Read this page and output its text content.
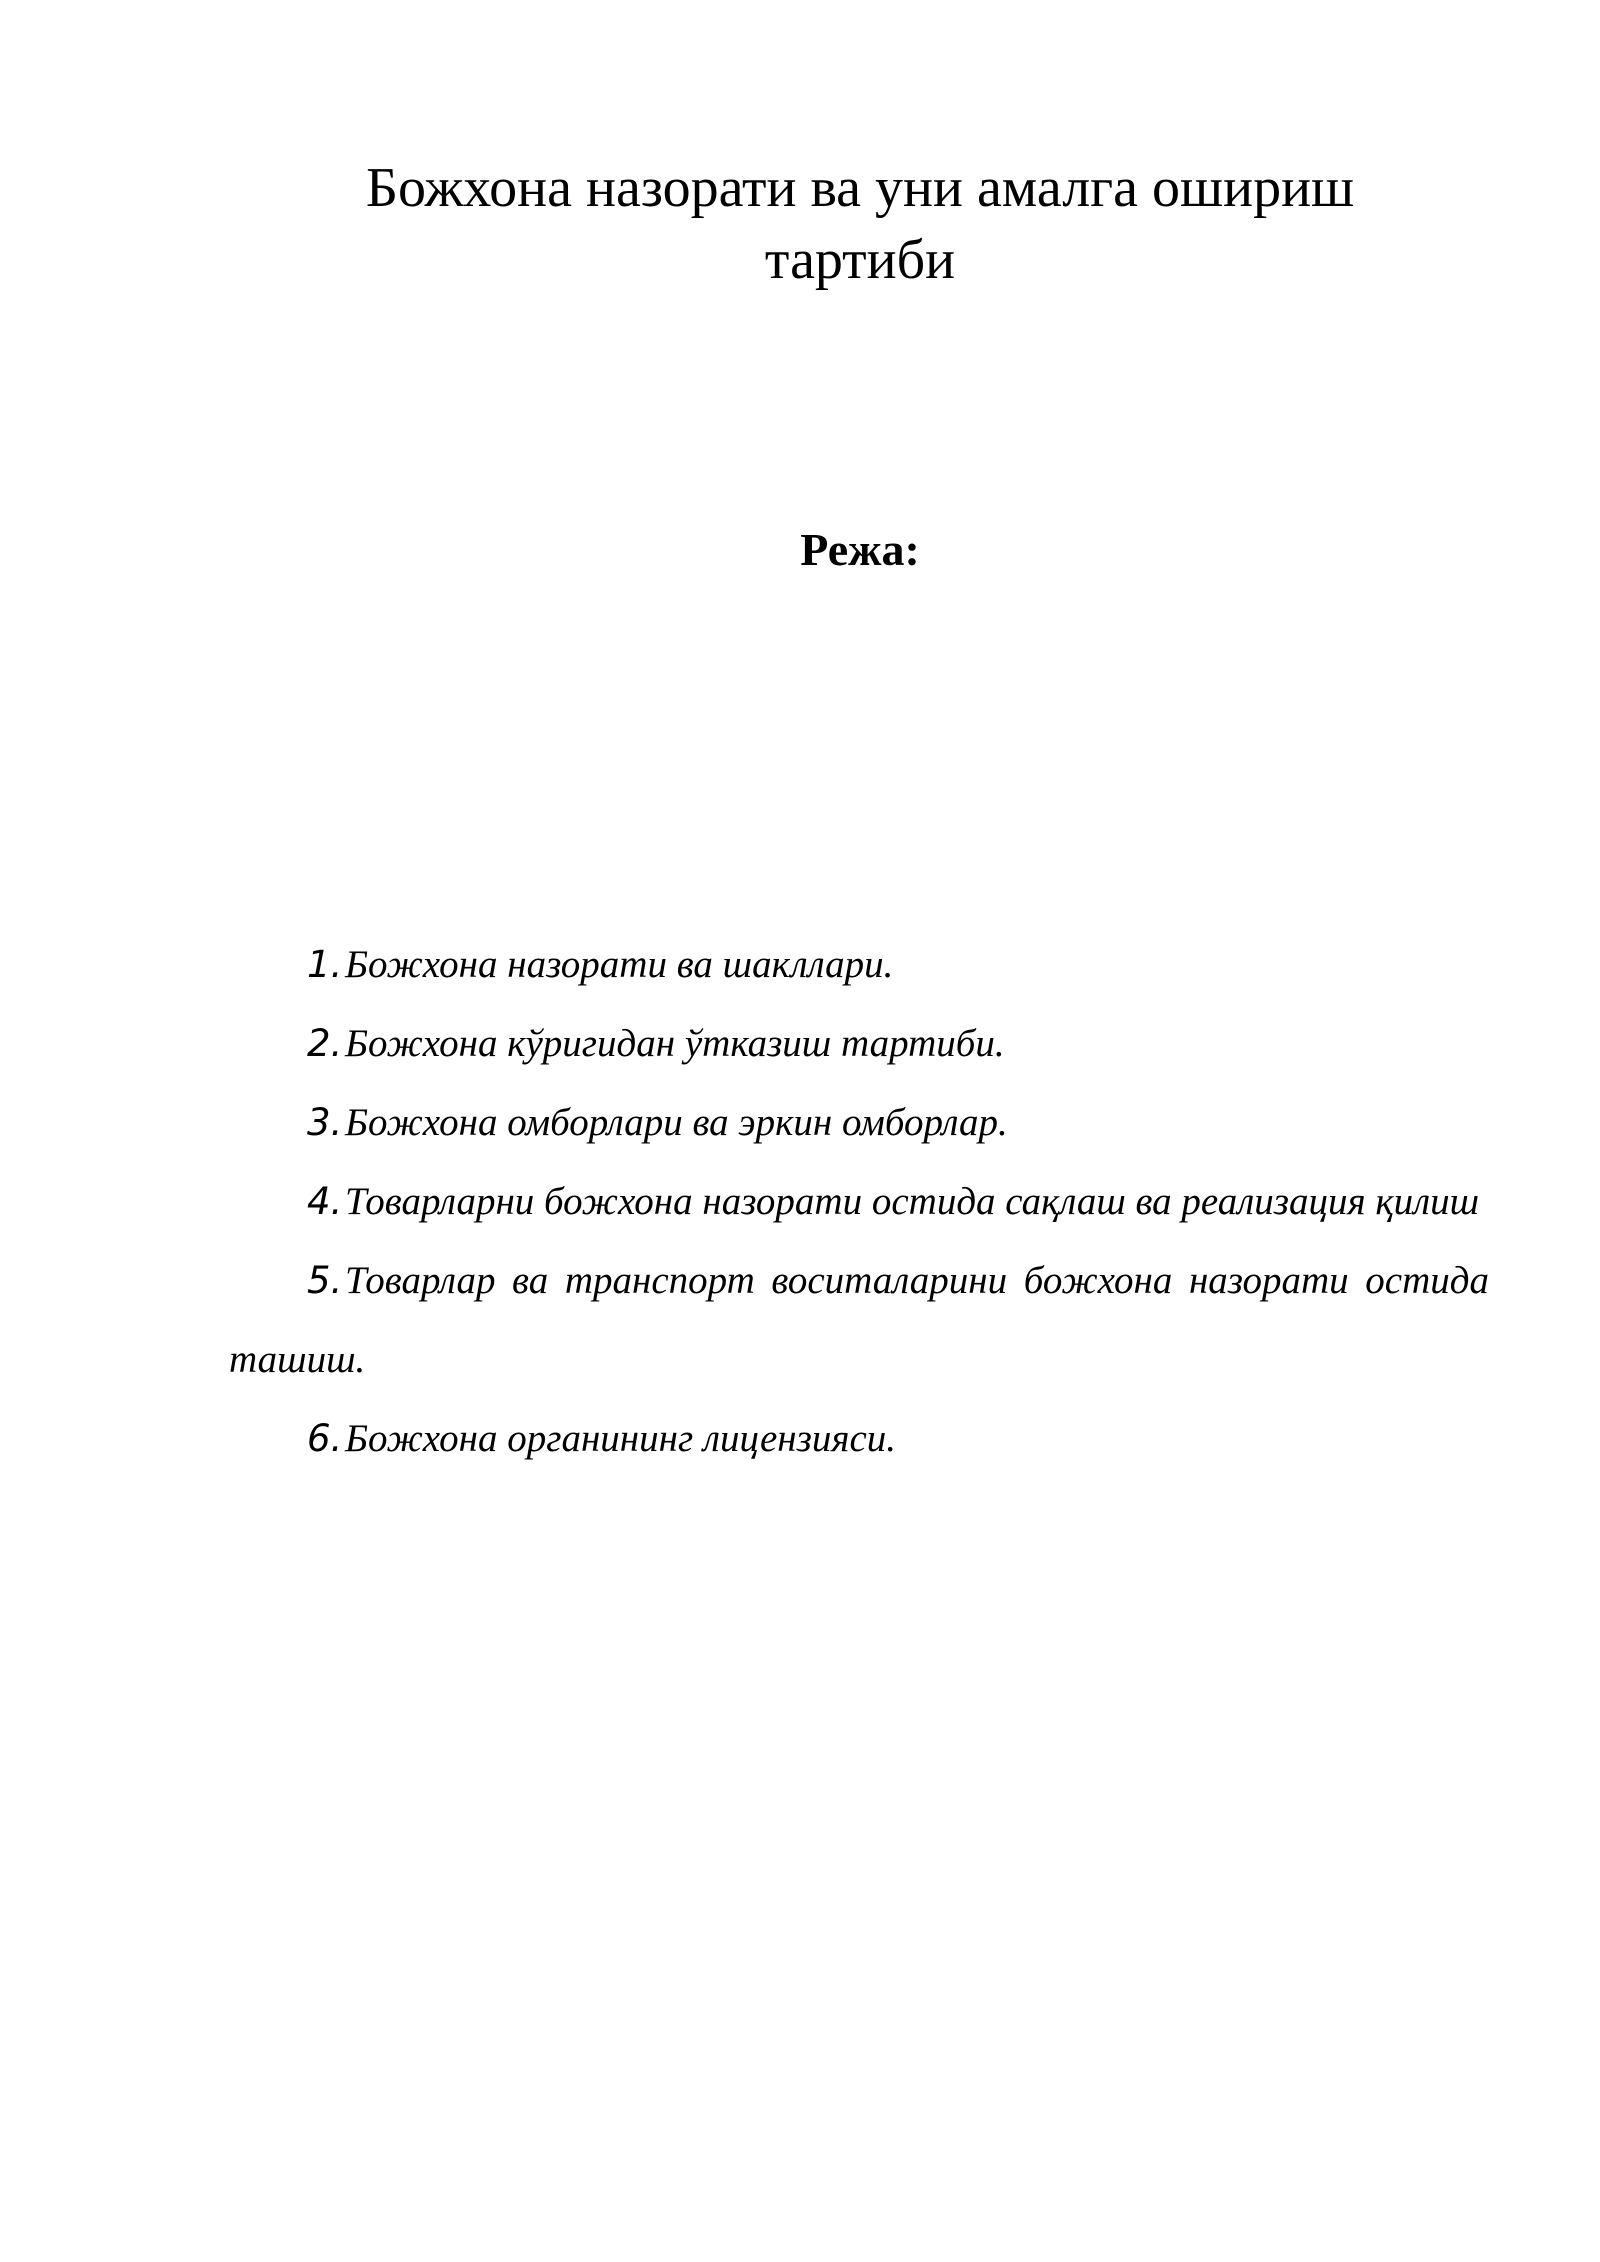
Божхона назорати ва уни амалга ошириш
тартиби
Режа:
1.Божхона назорати ва шакллари.
2.Божхона кўригидан ўтказиш тартиби.
3.Божхона омборлари ва эркин омборлар.
4.Товарларни божхона назорати остида сақлаш ва реализация қилиш
5.Товарлар ва транспорт воситаларини божхона назорати остида ташиш.
6.Божхона органининг лицензияси.
